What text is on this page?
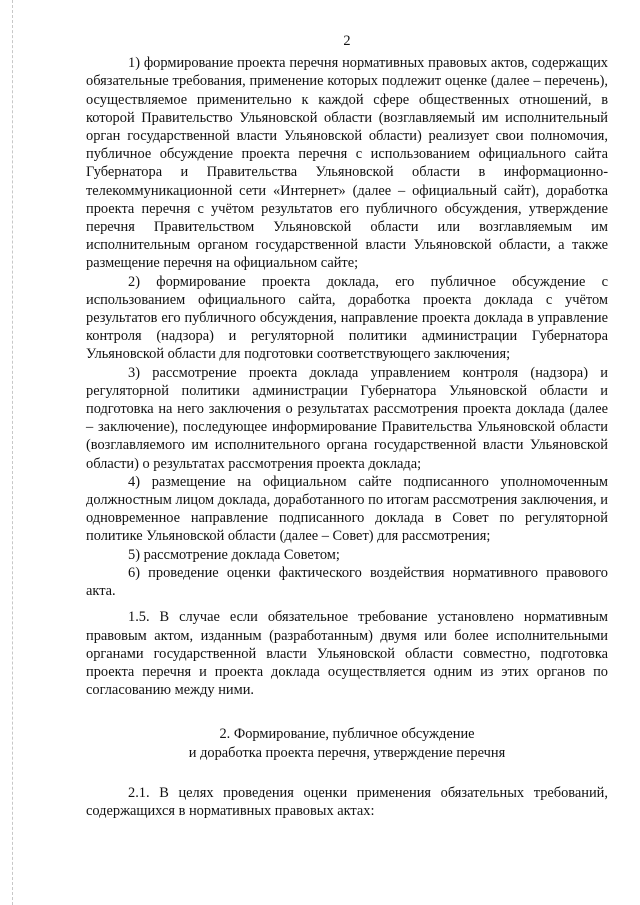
2

1) формирование проекта перечня нормативных правовых актов, содержащих обязательные требования, применение которых подлежит оценке (далее – перечень), осуществляемое применительно к каждой сфере общественных отношений, в которой Правительство Ульяновской области (возглавляемый им исполнительный орган государственной власти Ульяновской области) реализует свои полномочия, публичное обсуждение проекта перечня с использованием официального сайта Губернатора и Правительства Ульяновской области в информационно-телекоммуникационной сети «Интернет» (далее – официальный сайт), доработка проекта перечня с учётом результатов его публичного обсуждения, утверждение перечня Правительством Ульяновской области или возглавляемым им исполнительным органом государственной власти Ульяновской области, а также размещение перечня на официальном сайте;

2) формирование проекта доклада, его публичное обсуждение с использованием официального сайта, доработка проекта доклада с учётом результатов его публичного обсуждения, направление проекта доклада в управление контроля (надзора) и регуляторной политики администрации Губернатора Ульяновской области для подготовки соответствующего заключения;

3) рассмотрение проекта доклада управлением контроля (надзора) и регуляторной политики администрации Губернатора Ульяновской области и подготовка на него заключения о результатах рассмотрения проекта доклада (далее – заключение), последующее информирование Правительства Ульяновской области (возглавляемого им исполнительного органа государственной власти Ульяновской области) о результатах рассмотрения проекта доклада;

4) размещение на официальном сайте подписанного уполномоченным должностным лицом доклада, доработанного по итогам рассмотрения заключения, и одновременное направление подписанного доклада в Совет по регуляторной политике Ульяновской области (далее – Совет) для рассмотрения;

5) рассмотрение доклада Советом;

6) проведение оценки фактического воздействия нормативного правового акта.

1.5. В случае если обязательное требование установлено нормативным правовым актом, изданным (разработанным) двумя или более исполнительными органами государственной власти Ульяновской области совместно, подготовка проекта перечня и проекта доклада осуществляется одним из этих органов по согласованию между ними.

2. Формирование, публичное обсуждение
и доработка проекта перечня, утверждение перечня

2.1. В целях проведения оценки применения обязательных требований, содержащихся в нормативных правовых актах:
